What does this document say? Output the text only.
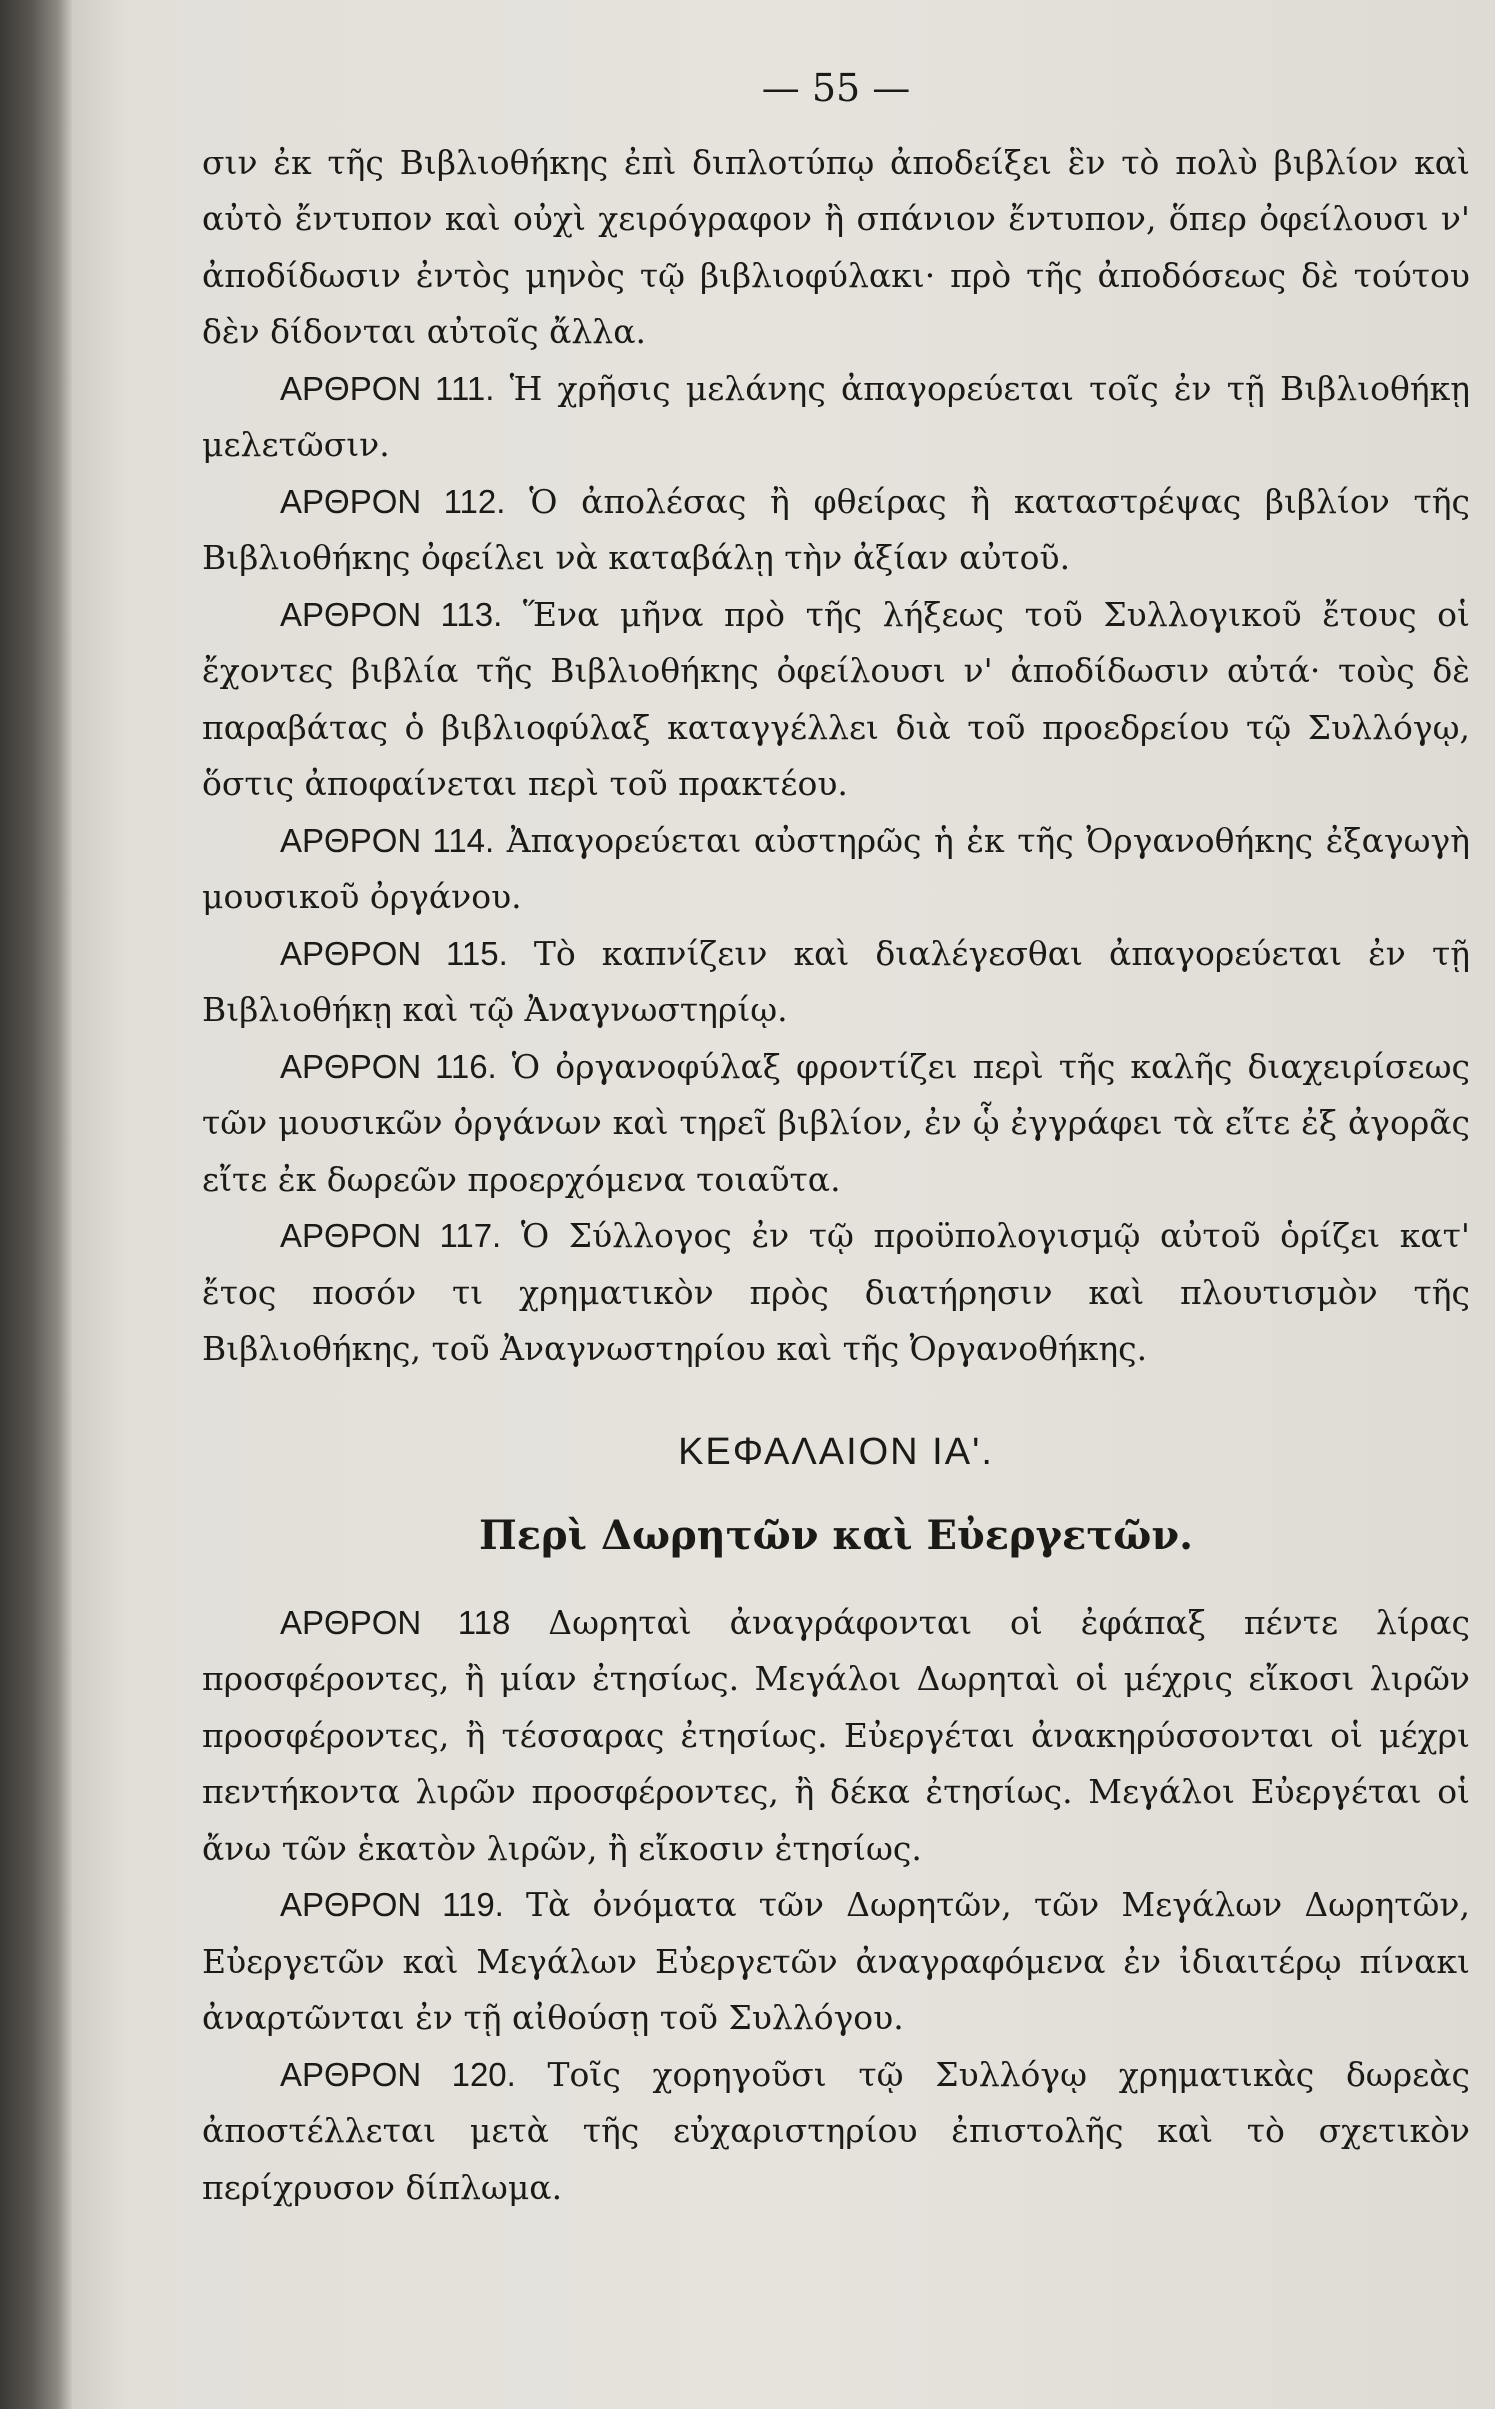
— 55 —

σιν ἐκ τῆς Βιβλιοθήκης ἐπὶ διπλοτύπῳ ἀποδείξει ἓν τὸ πολὺ βιβλίον καὶ αὐτὸ ἔντυπον καὶ οὐχὶ χειρόγραφον ἢ σπάνιον ἔντυπον, ὅπερ ὀφείλουσι ν' ἀποδίδωσιν ἐντὸς μηνὸς τῷ βιβλιοφύλακι· πρὸ τῆς ἀποδόσεως δὲ τούτου δὲν δίδονται αὐτοῖς ἄλλα.

ΑΡΘΡΟΝ 111. Ἡ χρῆσις μελάνης ἀπαγορεύεται τοῖς ἐν τῇ Βιβλιοθήκῃ μελετῶσιν.

ΑΡΘΡΟΝ 112. Ὁ ἀπολέσας ἢ φθείρας ἢ καταστρέψας βιβλίον τῆς Βιβλιοθήκης ὀφείλει νὰ καταβάλῃ τὴν ἀξίαν αὐτοῦ.

ΑΡΘΡΟΝ 113. Ἕνα μῆνα πρὸ τῆς λήξεως τοῦ Συλλογικοῦ ἔτους οἱ ἔχοντες βιβλία τῆς Βιβλιοθήκης ὀφείλουσι ν' ἀποδίδωσιν αὐτά· τοὺς δὲ παραβάτας ὁ βιβλιοφύλαξ καταγγέλλει διὰ τοῦ προεδρείου τῷ Συλλόγῳ, ὅστις ἀποφαίνεται περὶ τοῦ πρακτέου.

ΑΡΘΡΟΝ 114. Ἀπαγορεύεται αὐστηρῶς ἡ ἐκ τῆς Ὀργανοθήκης ἐξαγωγὴ μουσικοῦ ὀργάνου.

ΑΡΘΡΟΝ 115. Τὸ καπνίζειν καὶ διαλέγεσθαι ἀπαγορεύεται ἐν τῇ Βιβλιοθήκῃ καὶ τῷ Ἀναγνωστηρίῳ.

ΑΡΘΡΟΝ 116. Ὁ ὀργανοφύλαξ φροντίζει περὶ τῆς καλῆς διαχειρίσεως τῶν μουσικῶν ὀργάνων καὶ τηρεῖ βιβλίον, ἐν ᾧ ἐγγράφει τὰ εἴτε ἐξ ἀγορᾶς εἴτε ἐκ δωρεῶν προερχόμενα τοιαῦτα.

ΑΡΘΡΟΝ 117. Ὁ Σύλλογος ἐν τῷ προϋπολογισμῷ αὐτοῦ ὁρίζει κατ' ἔτος ποσόν τι χρηματικὸν πρὸς διατήρησιν καὶ πλουτισμὸν τῆς Βιβλιοθήκης, τοῦ Ἀναγνωστηρίου καὶ τῆς Ὀργανοθήκης.

ΚΕΦΑΛΑΙΟΝ ΙΑ'.
Περὶ Δωρητῶν καὶ Εὐεργετῶν.

ΑΡΘΡΟΝ 118 Δωρηταὶ ἀναγράφονται οἱ ἐφάπαξ πέντε λίρας προσφέροντες, ἢ μίαν ἐτησίως. Μεγάλοι Δωρηταὶ οἱ μέχρις εἴκοσι λιρῶν προσφέροντες, ἢ τέσσαρας ἐτησίως. Εὐεργέται ἀνακηρύσσονται οἱ μέχρι πεντήκοντα λιρῶν προσφέροντες, ἢ δέκα ἐτησίως. Μεγάλοι Εὐεργέται οἱ ἄνω τῶν ἑκατὸν λιρῶν, ἢ εἴκοσιν ἐτησίως.

ΑΡΘΡΟΝ 119. Τὰ ὀνόματα τῶν Δωρητῶν, τῶν Μεγάλων Δωρητῶν, Εὐεργετῶν καὶ Μεγάλων Εὐεργετῶν ἀναγραφόμενα ἐν ἰδιαιτέρῳ πίνακι ἀναρτῶνται ἐν τῇ αἰθούσῃ τοῦ Συλλόγου.

ΑΡΘΡΟΝ 120. Τοῖς χορηγοῦσι τῷ Συλλόγῳ χρηματικὰς δωρεὰς ἀποστέλλεται μετὰ τῆς εὐχαριστηρίου ἐπιστολῆς καὶ τὸ σχετικὸν περίχρυσον δίπλωμα.
